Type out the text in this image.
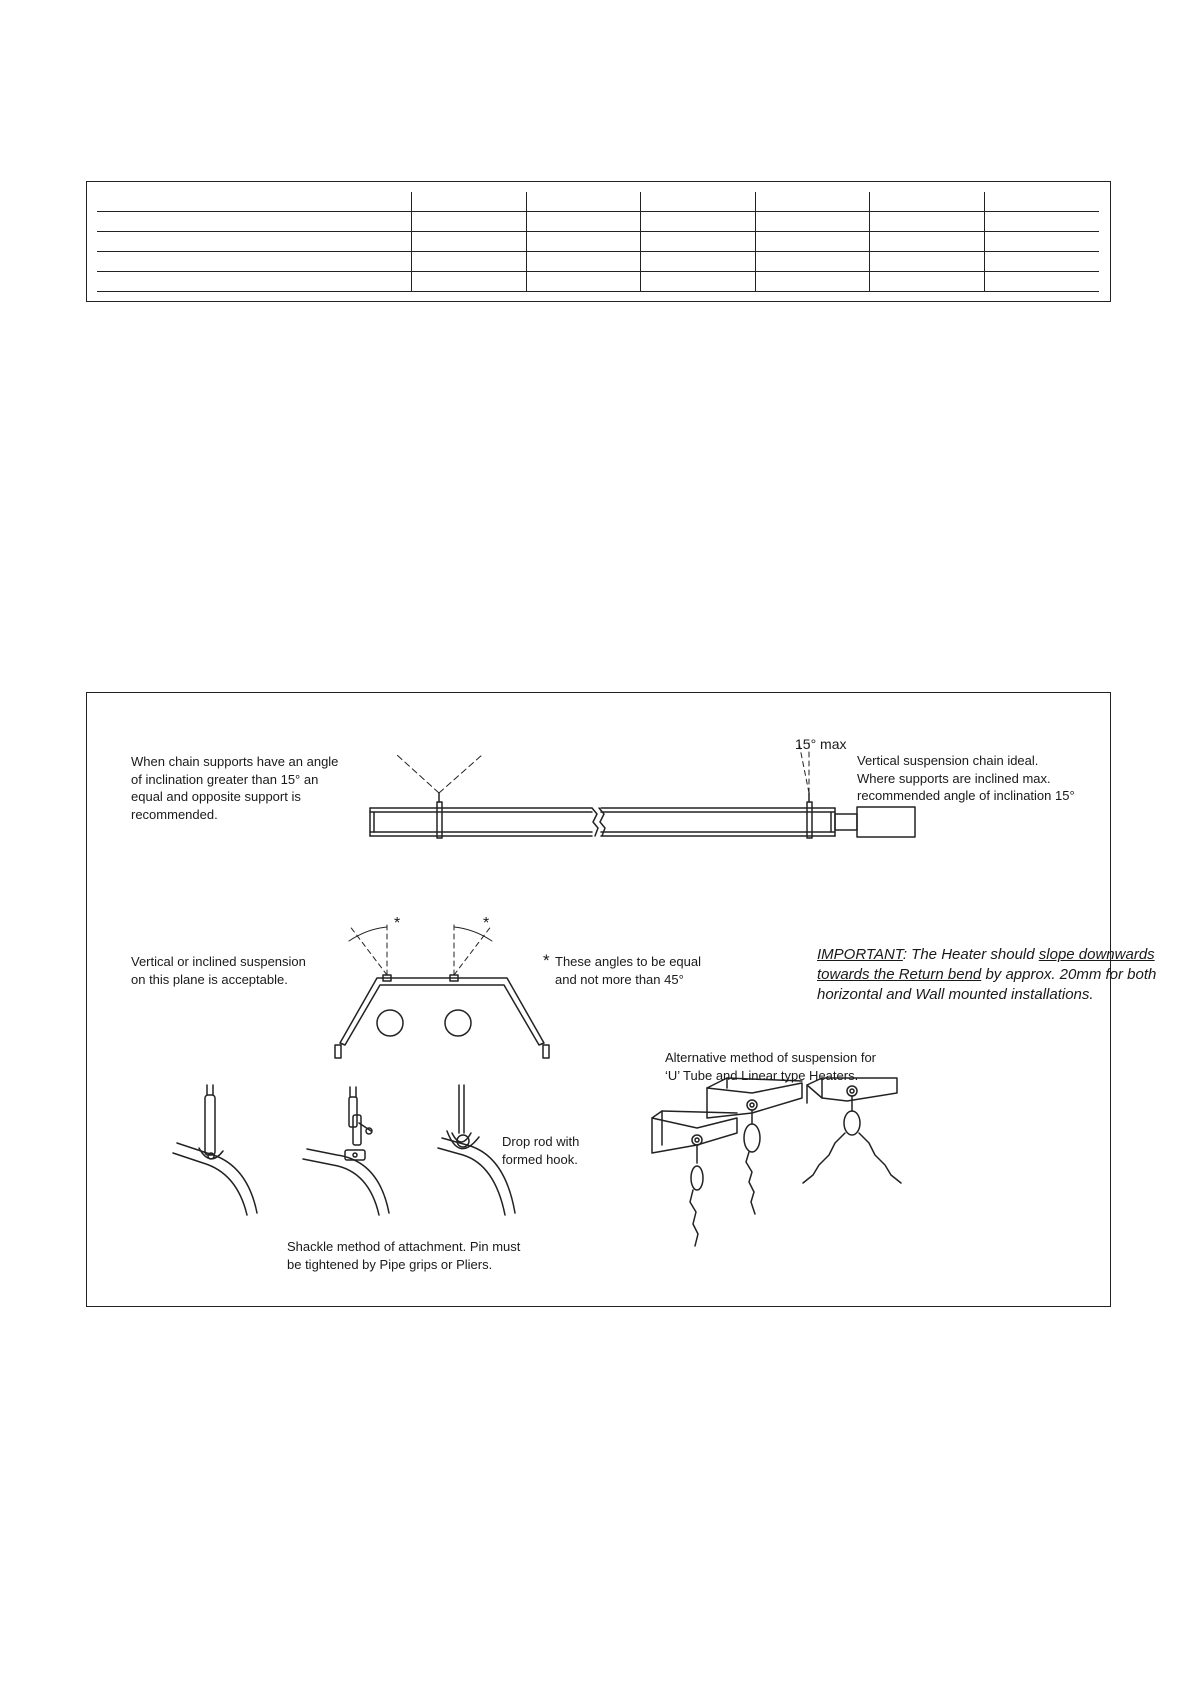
When chain supports have an angle
of inclination greater than 15° an
equal and opposite support is
recommended.
15° max
Vertical suspension chain ideal.
Where supports are inclined max.
recommended angle of inclination 15°
*	*
Vertical or inclined suspension
on this plane is acceptable.
* These angles to be equal
and not more than 45°
IMPORTANT: The Heater should slope downwards towards the Return bend by approx. 20mm for both horizontal and Wall mounted installations.
Alternative method of suspension for
‘U’ Tube and Linear type Heaters.
Drop rod with
formed hook.
Shackle method of attachment. Pin must
be tightened by Pipe grips or Pliers.
